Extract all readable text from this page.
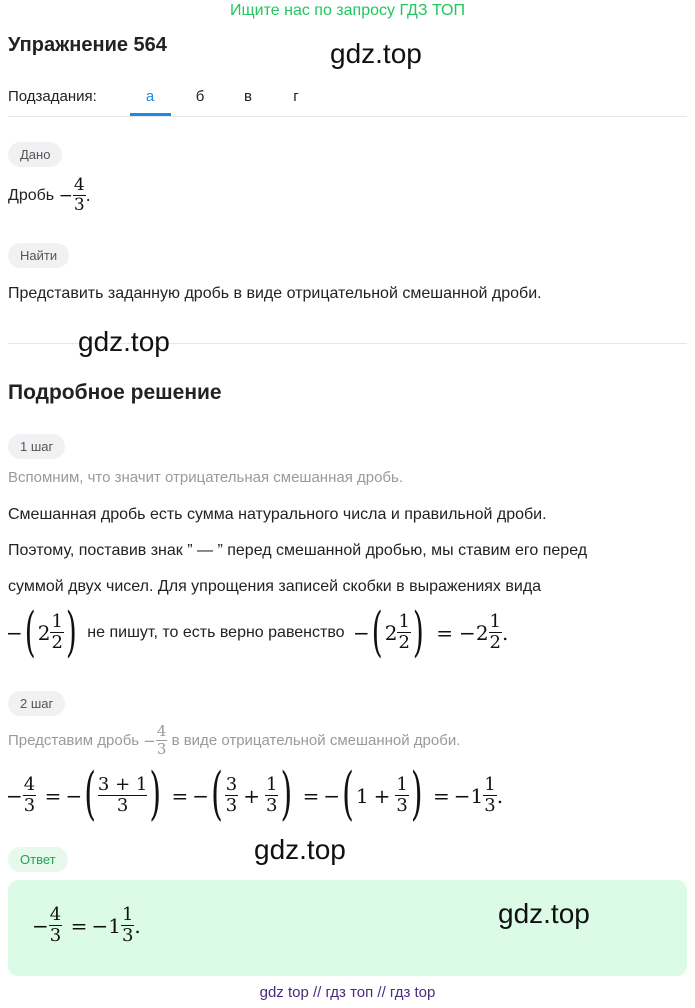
Ищите нас по запросу ГДЗ ТОП
Упражнение 564	gdz.top
Подзадания:	а	б	в	г
Дано
Дробь − $\frac{4}{3}$ .
Найти
Представить заданную дробь в виде отрицательной смешанной дроби.
gdz.top
Подробное решение
1 шаг
Вспомним, что значит отрицательная смешанная дробь.
Смешанная дробь есть сумма натурального числа и правильной дроби.
Поэтому, поставив знак ” — ” перед смешанной дробью, мы ставим его перед
суммой двух чисел. Для упрощения записей скобки в выражениях вида
−( $2 \frac{1}{2}$ ) не пишут, то есть верно равенство −( $2 \frac{1}{2}$ ) = $-2 \frac{1}{2}$ .
2 шаг
Представим дробь − $\frac{4}{3}$ в виде отрицательной смешанной дроби.
− $\frac{4}{3}$ = −( $\frac{3 + 1}{3}$ ) = −( $\frac{3}{3} + \frac{1}{3}$ ) = −( $1 + \frac{1}{3}$ ) = $-1 \frac{1}{3}$ .
Ответ	gdz.top
− $\frac{4}{3} = -1 \frac{1}{3}$ .	gdz.top
gdz top // гдз топ // гдз top
